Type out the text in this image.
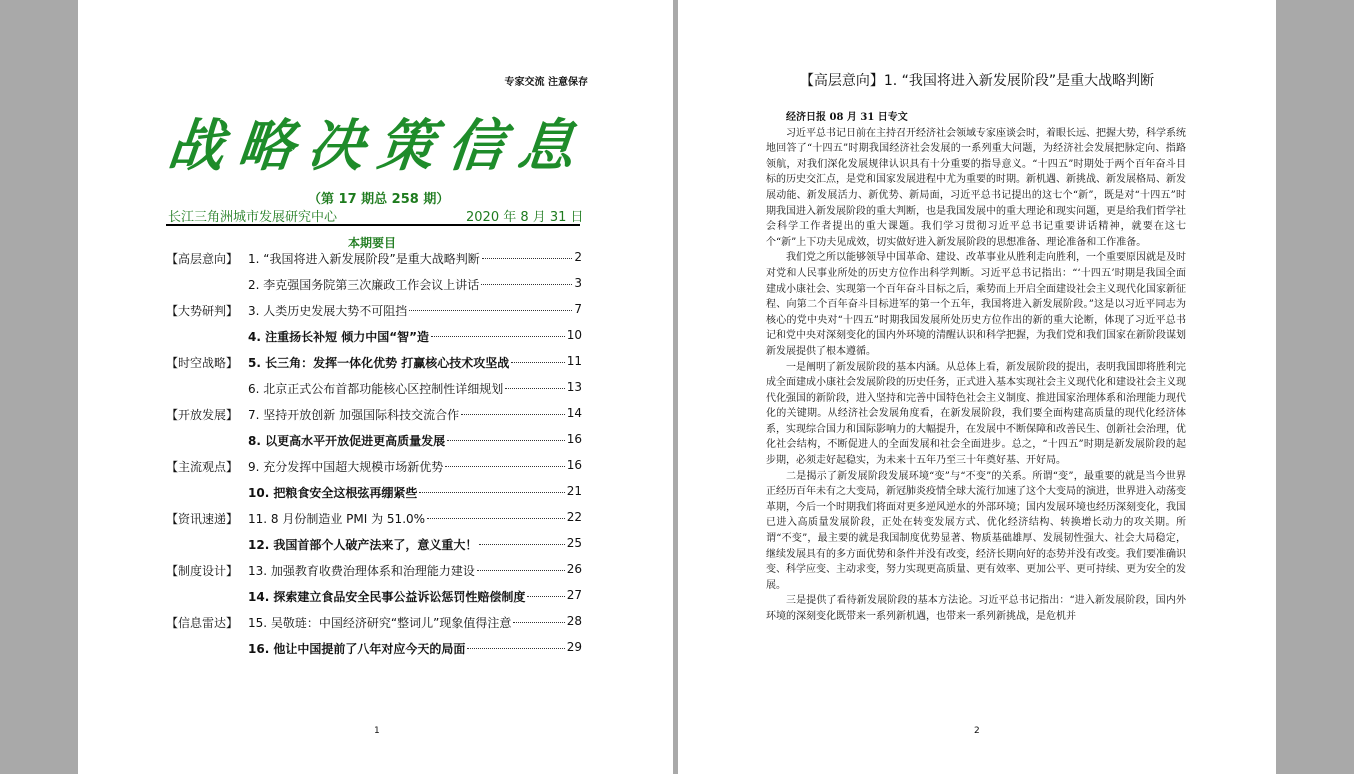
专家交流 注意保存
战略决策信息
（第 17 期总 258 期）
长江三角洲城市发展研究中心	2020 年 8 月 31 日
本期要目
【高层意向】 1. “我国将进入新发展阶段”是重大战略判断	2
2. 李克强国务院第三次廉政工作会议上讲话	3
【大势研判】 3. 人类历史发展大势不可阻挡	7
4. 注重扬长补短 倾力中国“智”造	10
【时空战略】 5. 长三角：发挥一体化优势 打赢核心技术攻坚战	11
6. 北京正式公布首都功能核心区控制性详细规划	13
【开放发展】 7. 坚持开放创新 加强国际科技交流合作	14
8. 以更高水平开放促进更高质量发展	16
【主流观点】 9. 充分发挥中国超大规模市场新优势	16
10. 把粮食安全这根弦再绷紧些	21
【资讯速递】 11. 8 月份制造业 PMI 为 51.0%	22
12. 我国首部个人破产法来了，意义重大！	25
【制度设计】 13. 加强教育收费治理体系和治理能力建设	26
14. 探索建立食品安全民事公益诉讼惩罚性赔偿制度	27
【信息雷达】 15. 吴敬琏：中国经济研究“整词儿”现象值得注意	28
16. 他让中国提前了八年对应今天的局面	29
1
【高层意向】1. “我国将进入新发展阶段”是重大战略判断

经济日报 08 月 31 日专文

习近平总书记日前在主持召开经济社会领域专家座谈会时，着眼长远、把握大势，科学系统地回答了“十四五”时期我国经济社会发展的一系列重大问题，为经济社会发展把脉定向、指路领航，对我们深化发展规律认识具有十分重要的指导意义。“十四五”时期处于两个百年奋斗目标的历史交汇点，是党和国家发展进程中尤为重要的时期。新机遇、新挑战、新发展格局、新发展动能、新发展活力、新优势、新局面，习近平总书记提出的这七个“新”，既是对“十四五”时期我国进入新发展阶段的重大判断，也是我国发展中的重大理论和现实问题，更是给我们哲学社会科学工作者提出的重大课题。我们学习贯彻习近平总书记重要讲话精神，就要在这七个“新”上下功夫见成效，切实做好进入新发展阶段的思想准备、理论准备和工作准备。

我们党之所以能够领导中国革命、建设、改革事业从胜利走向胜利，一个重要原因就是及时对党和人民事业所处的历史方位作出科学判断。习近平总书记指出：“‘十四五’时期是我国全面建成小康社会、实现第一个百年奋斗目标之后，乘势而上开启全面建设社会主义现代化国家新征程、向第二个百年奋斗目标进军的第一个五年，我国将进入新发展阶段。”这是以习近平同志为核心的党中央对“十四五”时期我国发展所处历史方位作出的新的重大论断，体现了习近平总书记和党中央对深刻变化的国内外环境的清醒认识和科学把握，为我们党和我们国家在新阶段谋划新发展提供了根本遵循。

一是阐明了新发展阶段的基本内涵。从总体上看，新发展阶段的提出，表明我国即将胜利完成全面建成小康社会发展阶段的历史任务，正式进入基本实现社会主义现代化和建设社会主义现代化强国的新阶段，进入坚持和完善中国特色社会主义制度、推进国家治理体系和治理能力现代化的关键期。从经济社会发展角度看，在新发展阶段，我们要全面构建高质量的现代化经济体系，实现综合国力和国际影响力的大幅提升，在发展中不断保障和改善民生、创新社会治理，优化社会结构，不断促进人的全面发展和社会全面进步。总之，“十四五”时期是新发展阶段的起步期，必须走好起稳实，为未来十五年乃至三十年奠好基、开好局。

二是揭示了新发展阶段发展环境“变”与“不变”的关系。所谓“变”，最重要的就是当今世界正经历百年未有之大变局，新冠肺炎疫情全球大流行加速了这个大变局的演进，世界进入动荡变革期，今后一个时期我们将面对更多逆风逆水的外部环境；国内发展环境也经历深刻变化，我国已进入高质量发展阶段，正处在转变发展方式、优化经济结构、转换增长动力的攻关期。所谓“不变”，最主要的就是我国制度优势显著、物质基础雄厚、发展韧性强大、社会大局稳定，继续发展具有的多方面优势和条件并没有改变，经济长期向好的态势并没有改变。我们要准确识变、科学应变、主动求变，努力实现更高质量、更有效率、更加公平、更可持续、更为安全的发展。

三是提供了看待新发展阶段的基本方法论。习近平总书记指出：“进入新发展阶段，国内外环境的深刻变化既带来一系列新机遇，也带来一系列新挑战，是危机并

2
